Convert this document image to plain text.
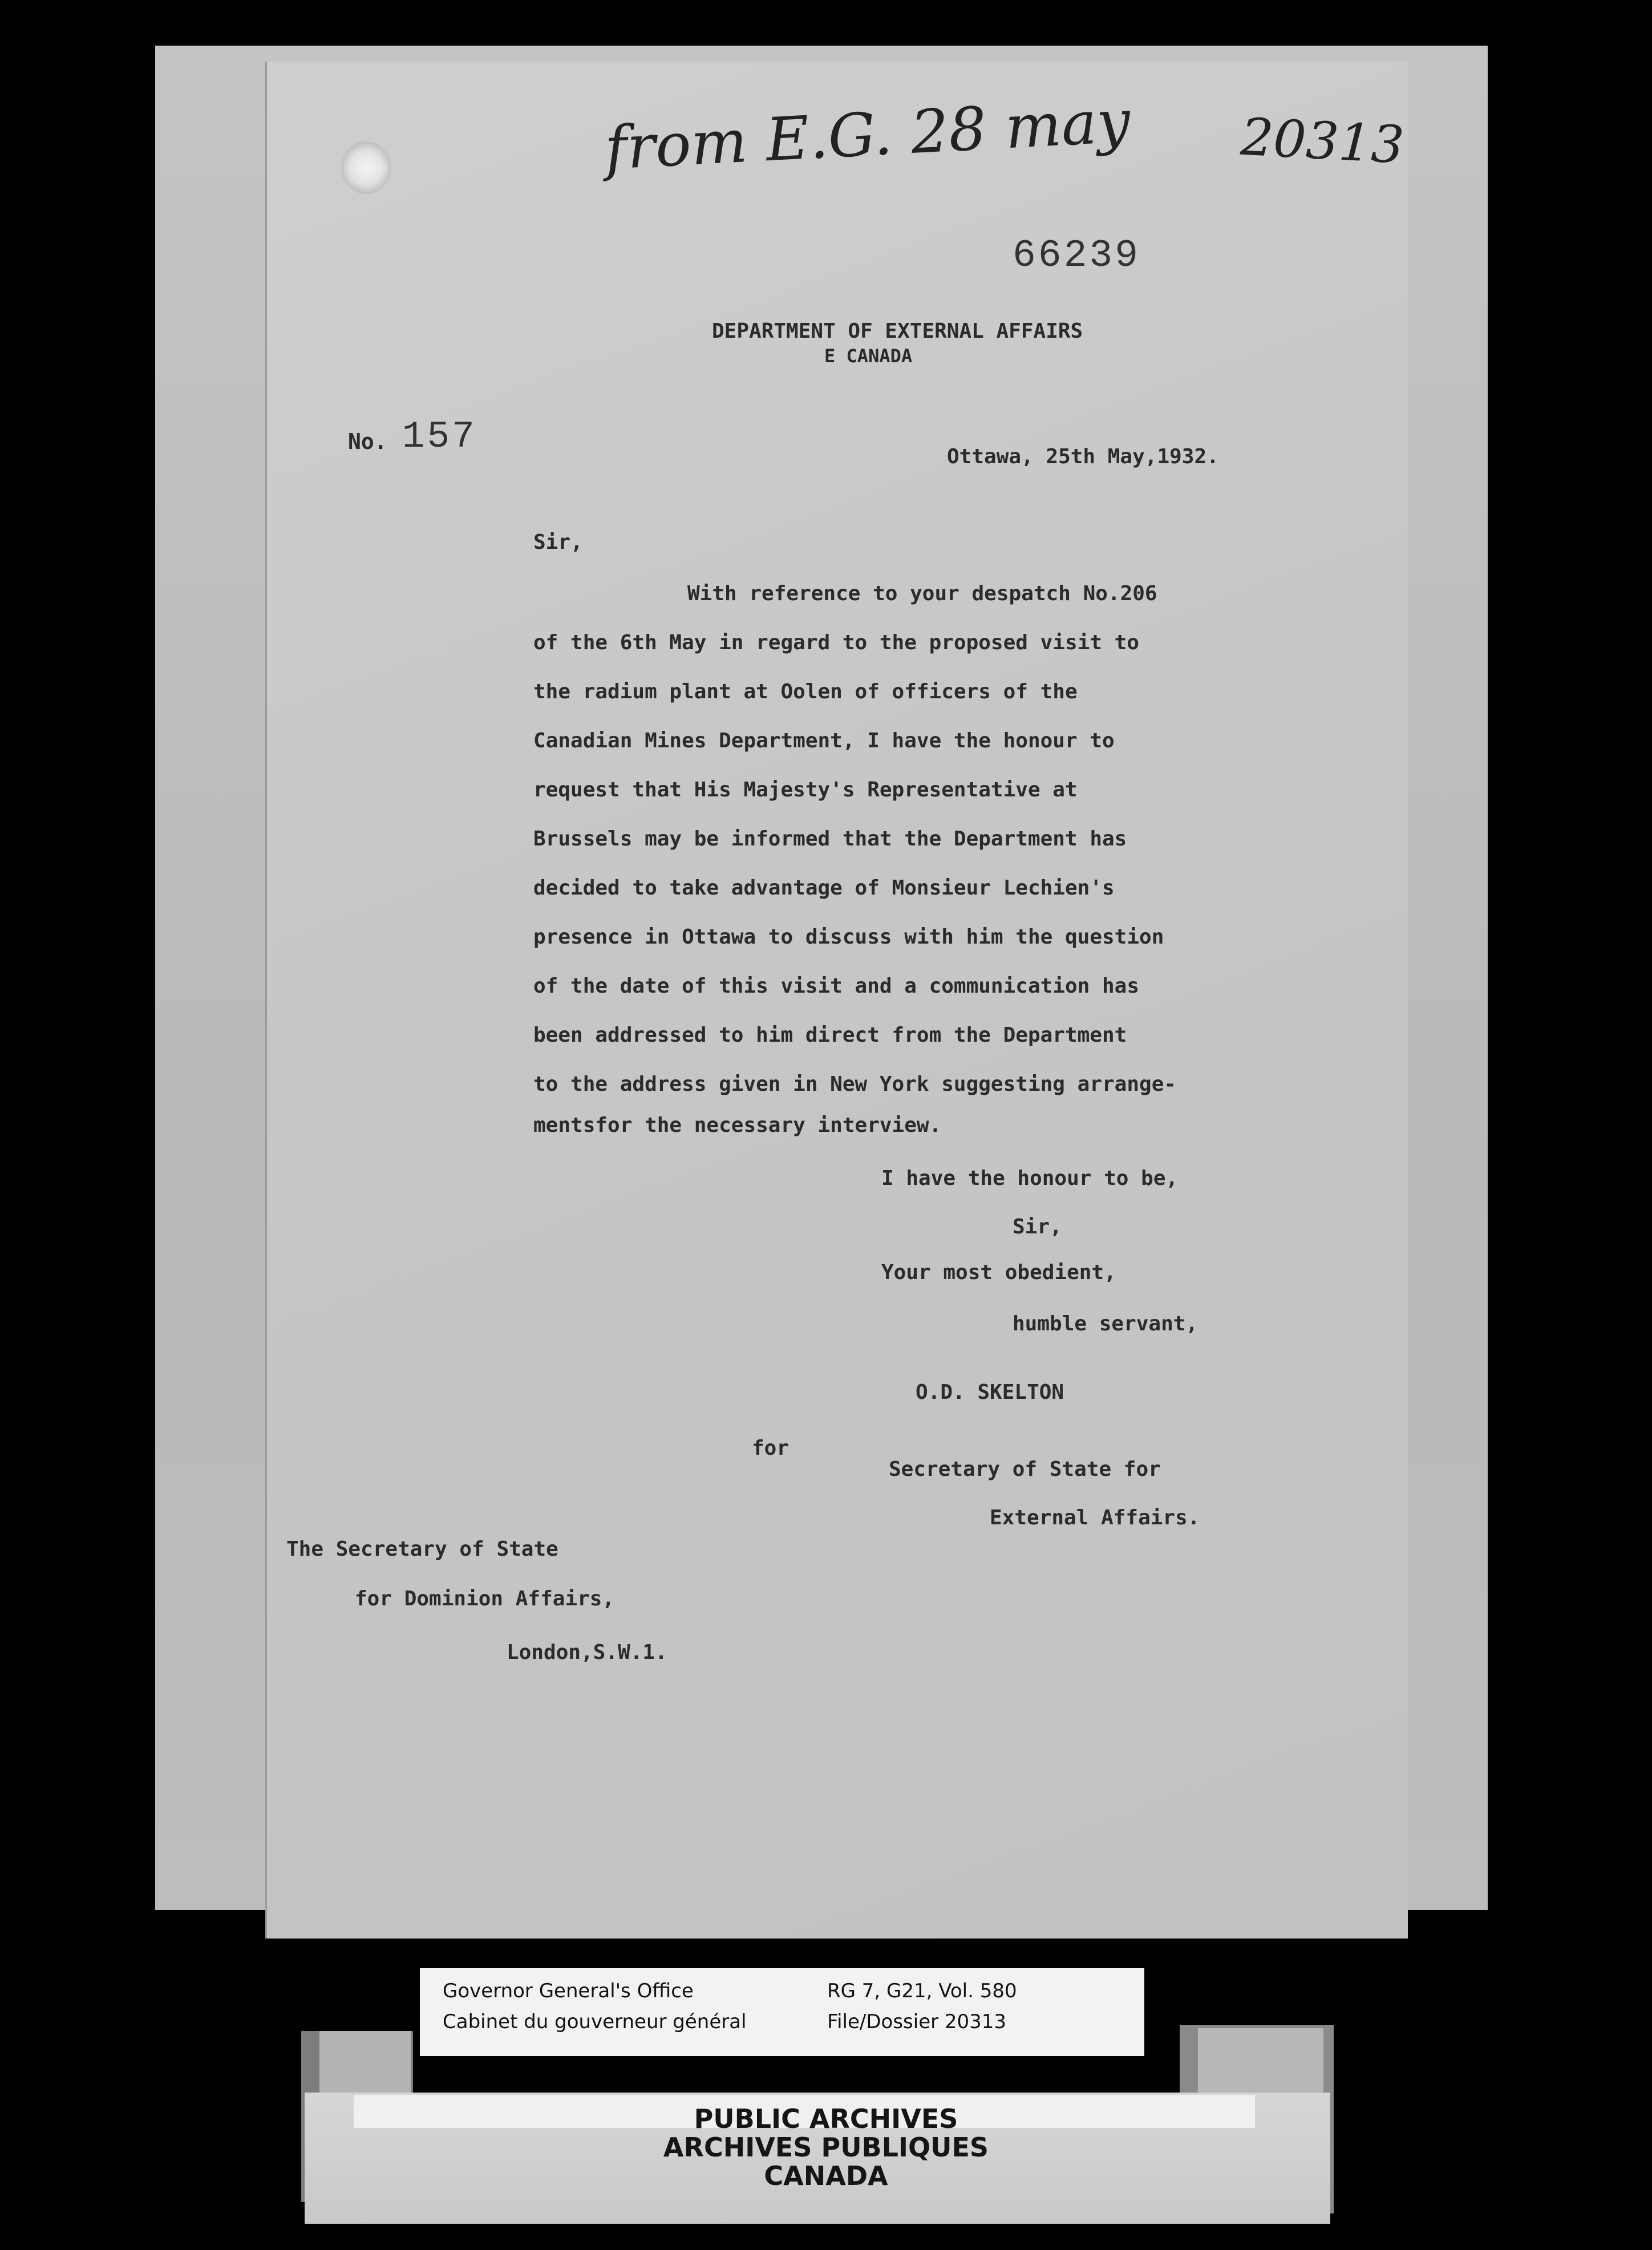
from E.G. 28 may 20313
66239
DEPARTMENT OF EXTERNAL AFFAIRS
E CANADA
No. 157	Ottawa, 25th May,1932.
Sir,
With reference to your despatch No.206
of the 6th May in regard to the proposed visit to
the radium plant at Oolen of officers of the
Canadian Mines Department, I have the honour to
request that His Majesty's Representative at
Brussels may be informed that the Department has
decided to take advantage of Monsieur Lechien's
presence in Ottawa to discuss with him the question
of the date of this visit and a communication has
been addressed to him direct from the Department
to the address given in New York suggesting arrange-
mentsfor the necessary interview.
I have the honour to be,
Sir,
Your most obedient,
humble servant,
O.D. SKELTON
for
Secretary of State for
External Affairs.
The Secretary of State
for Dominion Affairs,
London,S.W.1.
Governor General's Office
Cabinet du gouverneur général
RG 7, G21, Vol. 580
File/Dossier 20313
PUBLIC ARCHIVES
ARCHIVES PUBLIQUES
CANADA
